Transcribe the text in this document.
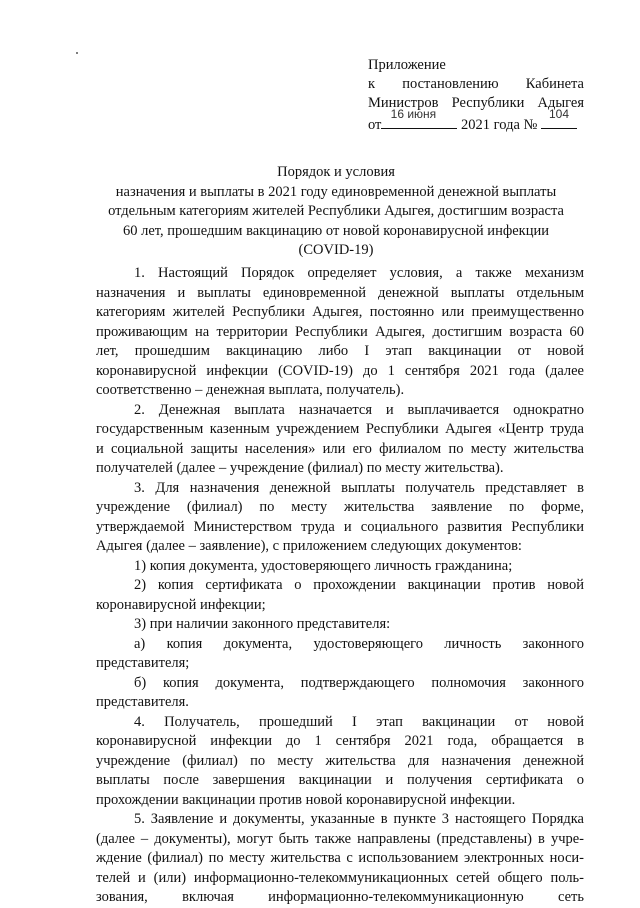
Приложение
к постановлению Кабинета
Министров Республики Адыгея
от
16 июня
2021 года №
104
Порядок и условия
назначения и выплаты в 2021 году единовременной денежной выплаты
отдельным категориям жителей Республики Адыгея, достигшим возраста
60 лет, прошедшим вакцинацию от новой коронавирусной инфекции
(COVID-19)
1. Настоящий Порядок определяет условия, а также механизм
назначения и выплаты единовременной денежной выплаты отдельным
категориям жителей Республики Адыгея, постоянно или преимущественно
проживающим на территории Республики Адыгея, достигшим возраста 60
лет, прошедшим вакцинацию либо I этап вакцинации от новой
коронавирусной инфекции (COVID-19) до 1 сентября 2021 года (далее
соответственно – денежная выплата, получатель).
2. Денежная выплата назначается и выплачивается однократно
государственным казенным учреждением Республики Адыгея «Центр труда
и социальной защиты населения» или его филиалом по месту жительства
получателей (далее – учреждение (филиал) по месту жительства).
3. Для назначения денежной выплаты получатель представляет в
учреждение (филиал) по месту жительства заявление по форме,
утверждаемой Министерством труда и социального развития Республики
Адыгея (далее – заявление), с приложением следующих документов:
1) копия документа, удостоверяющего личность гражданина;
2) копия сертификата о прохождении вакцинации против новой
коронавирусной инфекции;
3) при наличии законного представителя:
а) копия документа, удостоверяющего личность законного
представителя;
б) копия документа, подтверждающего полномочия законного
представителя.
4. Получатель, прошедший I этап вакцинации от новой
коронавирусной инфекции до 1 сентября 2021 года, обращается в
учреждение (филиал) по месту жительства для назначения денежной
выплаты после завершения вакцинации и получения сертификата о
прохождении вакцинации против новой коронавирусной инфекции.
5. Заявление и документы, указанные в пункте 3 настоящего Порядка
(далее – документы), могут быть также направлены (представлены) в учре-
ждение (филиал) по месту жительства с использованием электронных носи-
телей и (или) информационно-телекоммуникационных сетей общего поль-
зования, включая информационно-телекоммуникационную сеть
